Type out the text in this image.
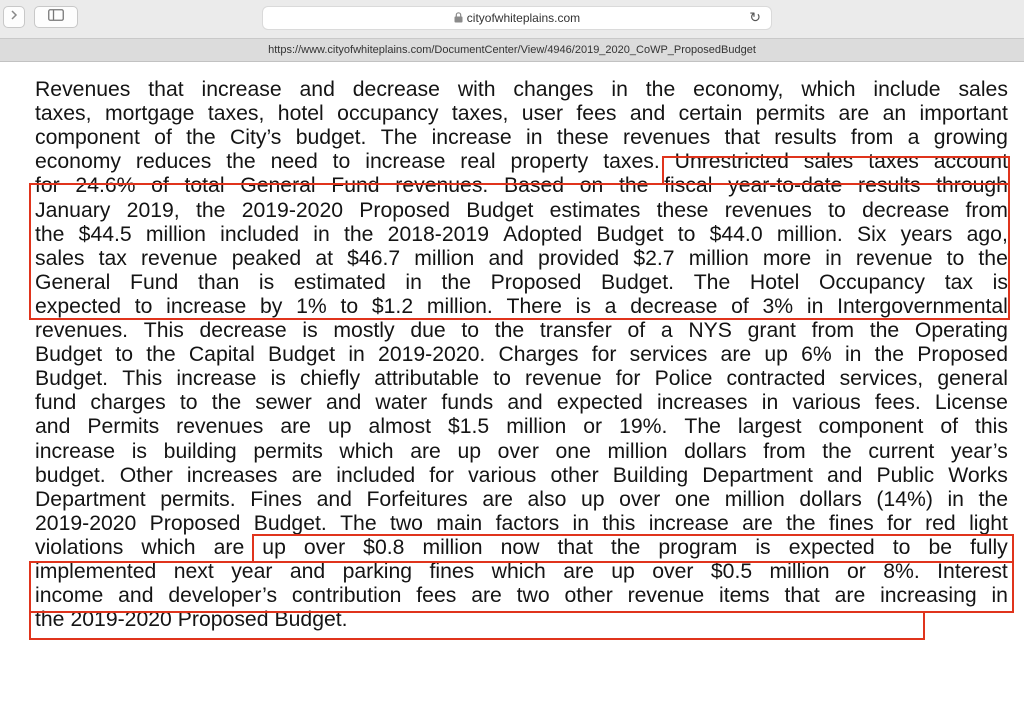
cityofwhiteplains.com	↻
https://www.cityofwhiteplains.com/DocumentCenter/View/4946/2019_2020_CoWP_ProposedBudget
Revenues that increase and decrease with changes in the economy, which include sales
taxes, mortgage taxes, hotel occupancy taxes, user fees and certain permits are an important
component of the City’s budget. The increase in these revenues that results from a growing
economy reduces the need to increase real property taxes. Unrestricted sales taxes account
for 24.6% of total General Fund revenues. Based on the fiscal year-to-date results through
January 2019, the 2019-2020 Proposed Budget estimates these revenues to decrease from
the $44.5 million included in the 2018-2019 Adopted Budget to $44.0 million. Six years ago,
sales tax revenue peaked at $46.7 million and provided $2.7 million more in revenue to the
General Fund than is estimated in the Proposed Budget. The Hotel Occupancy tax is
expected to increase by 1% to $1.2 million. There is a decrease of 3% in Intergovernmental
revenues. This decrease is mostly due to the transfer of a NYS grant from the Operating
Budget to the Capital Budget in 2019-2020. Charges for services are up 6% in the Proposed
Budget. This increase is chiefly attributable to revenue for Police contracted services, general
fund charges to the sewer and water funds and expected increases in various fees. License
and Permits revenues are up almost $1.5 million or 19%. The largest component of this
increase is building permits which are up over one million dollars from the current year’s
budget. Other increases are included for various other Building Department and Public Works
Department permits. Fines and Forfeitures are also up over one million dollars (14%) in the
2019-2020 Proposed Budget. The two main factors in this increase are the fines for red light
violations which are up over $0.8 million now that the program is expected to be fully
implemented next year and parking fines which are up over $0.5 million or 8%. Interest
income and developer’s contribution fees are two other revenue items that are increasing in
the 2019-2020 Proposed Budget.
